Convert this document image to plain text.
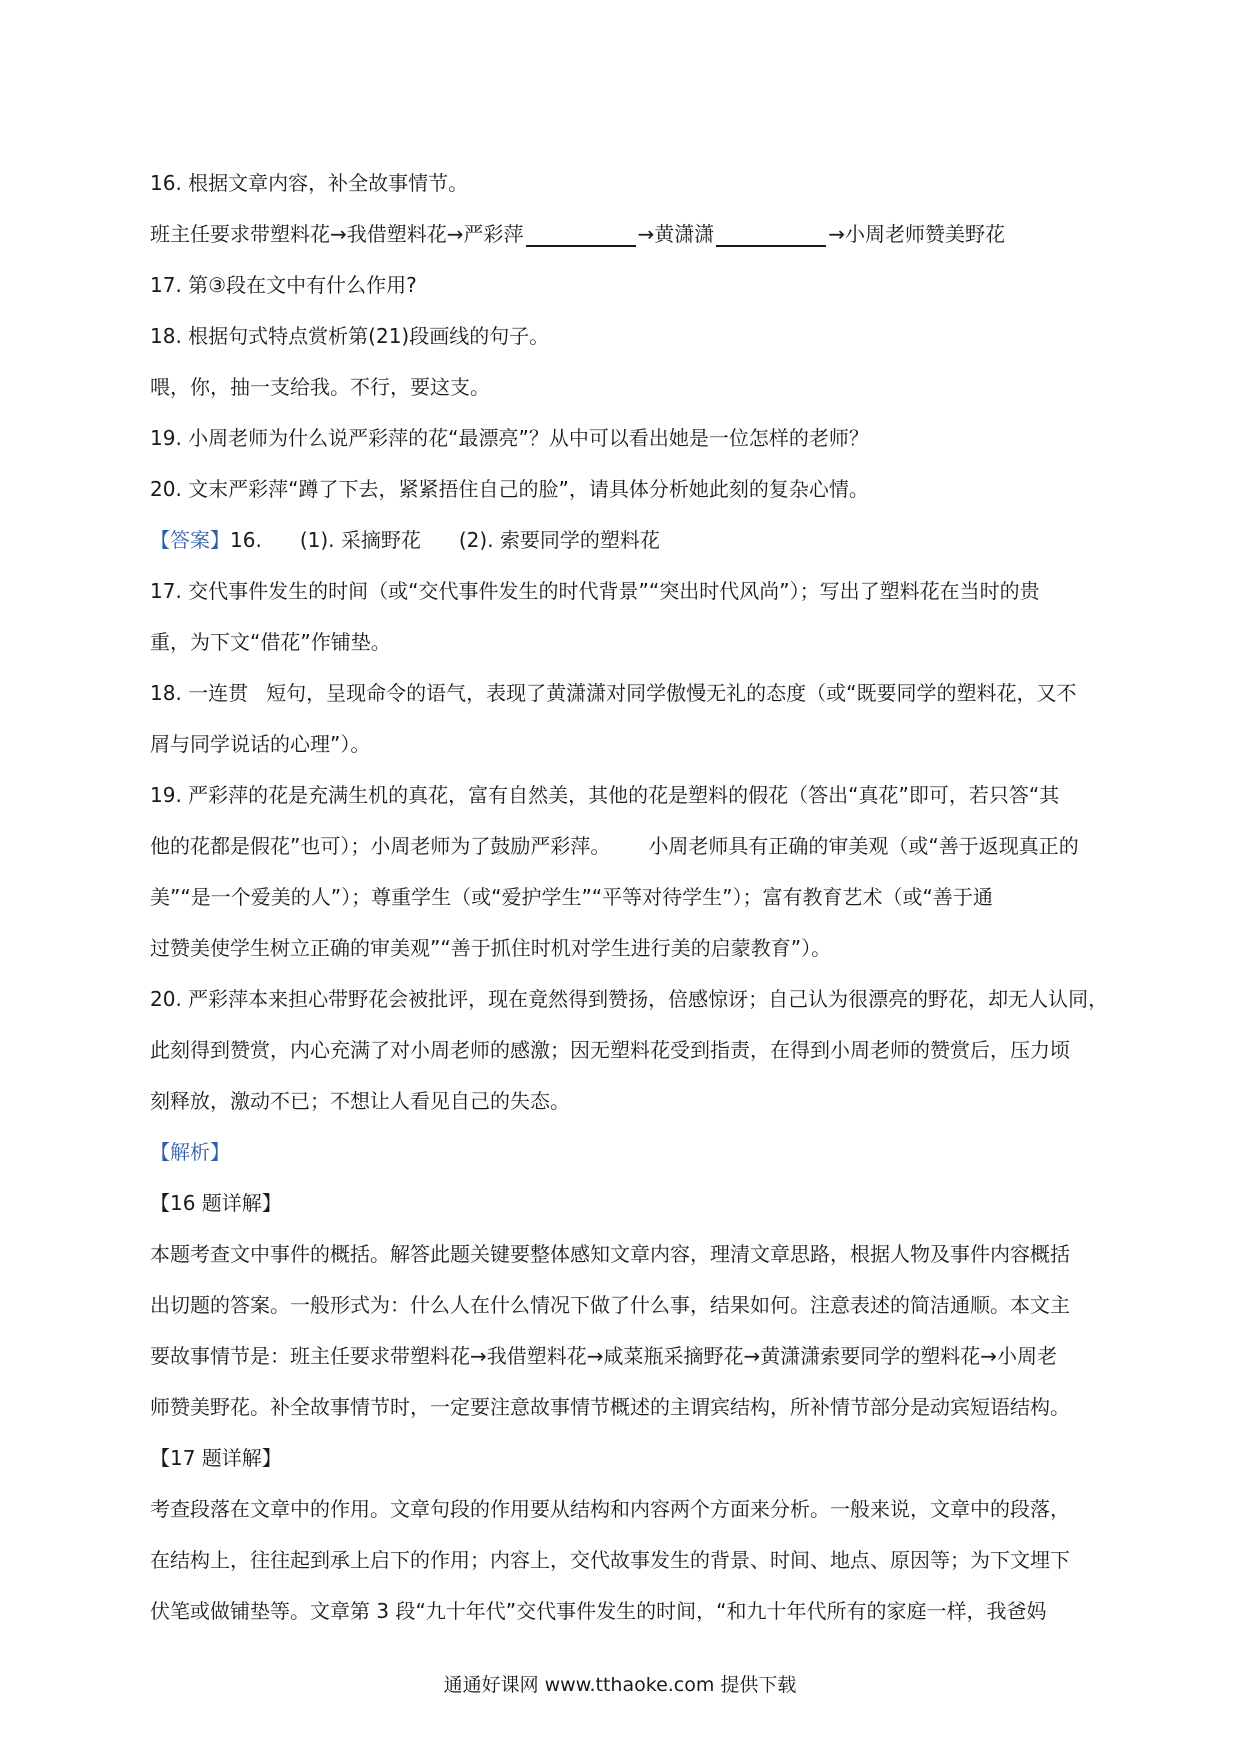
16. 根据文章内容，补全故事情节。
班主任要求带塑料花→我借塑料花→严彩萍	→黄潇潇	→小周老师赞美野花
17. 第③段在文中有什么作用?
18. 根据句式特点赏析第(21)段画线的句子。
喂，你，抽一支给我。不行，要这支。
19. 小周老师为什么说严彩萍的花“最漂亮”？从中可以看出她是一位怎样的老师？
20. 文末严彩萍“蹲了下去，紧紧捂住自己的脸”，请具体分析她此刻的复杂心情。
【答案】16. (1). 采摘野花 (2). 索要同学的塑料花
17. 交代事件发生的时间（或“交代事件发生的时代背景”“突出时代风尚”）；写出了塑料花在当时的贵
重，为下文“借花”作铺垫。
18. 一连贯 短句，呈现命令的语气，表现了黄潇潇对同学傲慢无礼的态度（或“既要同学的塑料花，又不
屑与同学说话的心理”）。
19. 严彩萍的花是充满生机的真花，富有自然美，其他的花是塑料的假花（答出“真花”即可，若只答“其
他的花都是假花”也可）；小周老师为了鼓励严彩萍。 小周老师具有正确的审美观（或“善于返现真正的
美”“是一个爱美的人”）；尊重学生（或“爱护学生”“平等对待学生”）；富有教育艺术（或“善于通
过赞美使学生树立正确的审美观”“善于抓住时机对学生进行美的启蒙教育”）。
20. 严彩萍本来担心带野花会被批评，现在竟然得到赞扬，倍感惊讶；自己认为很漂亮的野花，却无人认同，
此刻得到赞赏，内心充满了对小周老师的感激；因无塑料花受到指责，在得到小周老师的赞赏后，压力顷
刻释放，激动不已；不想让人看见自己的失态。
【解析】
【16 题详解】
本题考查文中事件的概括。解答此题关键要整体感知文章内容，理清文章思路，根据人物及事件内容概括
出切题的答案。一般形式为：什么人在什么情况下做了什么事，结果如何。注意表述的简洁通顺。本文主
要故事情节是：班主任要求带塑料花→我借塑料花→咸菜瓶采摘野花→黄潇潇索要同学的塑料花→小周老
师赞美野花。补全故事情节时，一定要注意故事情节概述的主谓宾结构，所补情节部分是动宾短语结构。
【17 题详解】
考查段落在文章中的作用。文章句段的作用要从结构和内容两个方面来分析。一般来说，文章中的段落，
在结构上，往往起到承上启下的作用；内容上，交代故事发生的背景、时间、地点、原因等；为下文埋下
伏笔或做铺垫等。文章第 3 段“九十年代”交代事件发生的时间，“和九十年代所有的家庭一样，我爸妈
通通好课网 www.tthaoke.com 提供下载
